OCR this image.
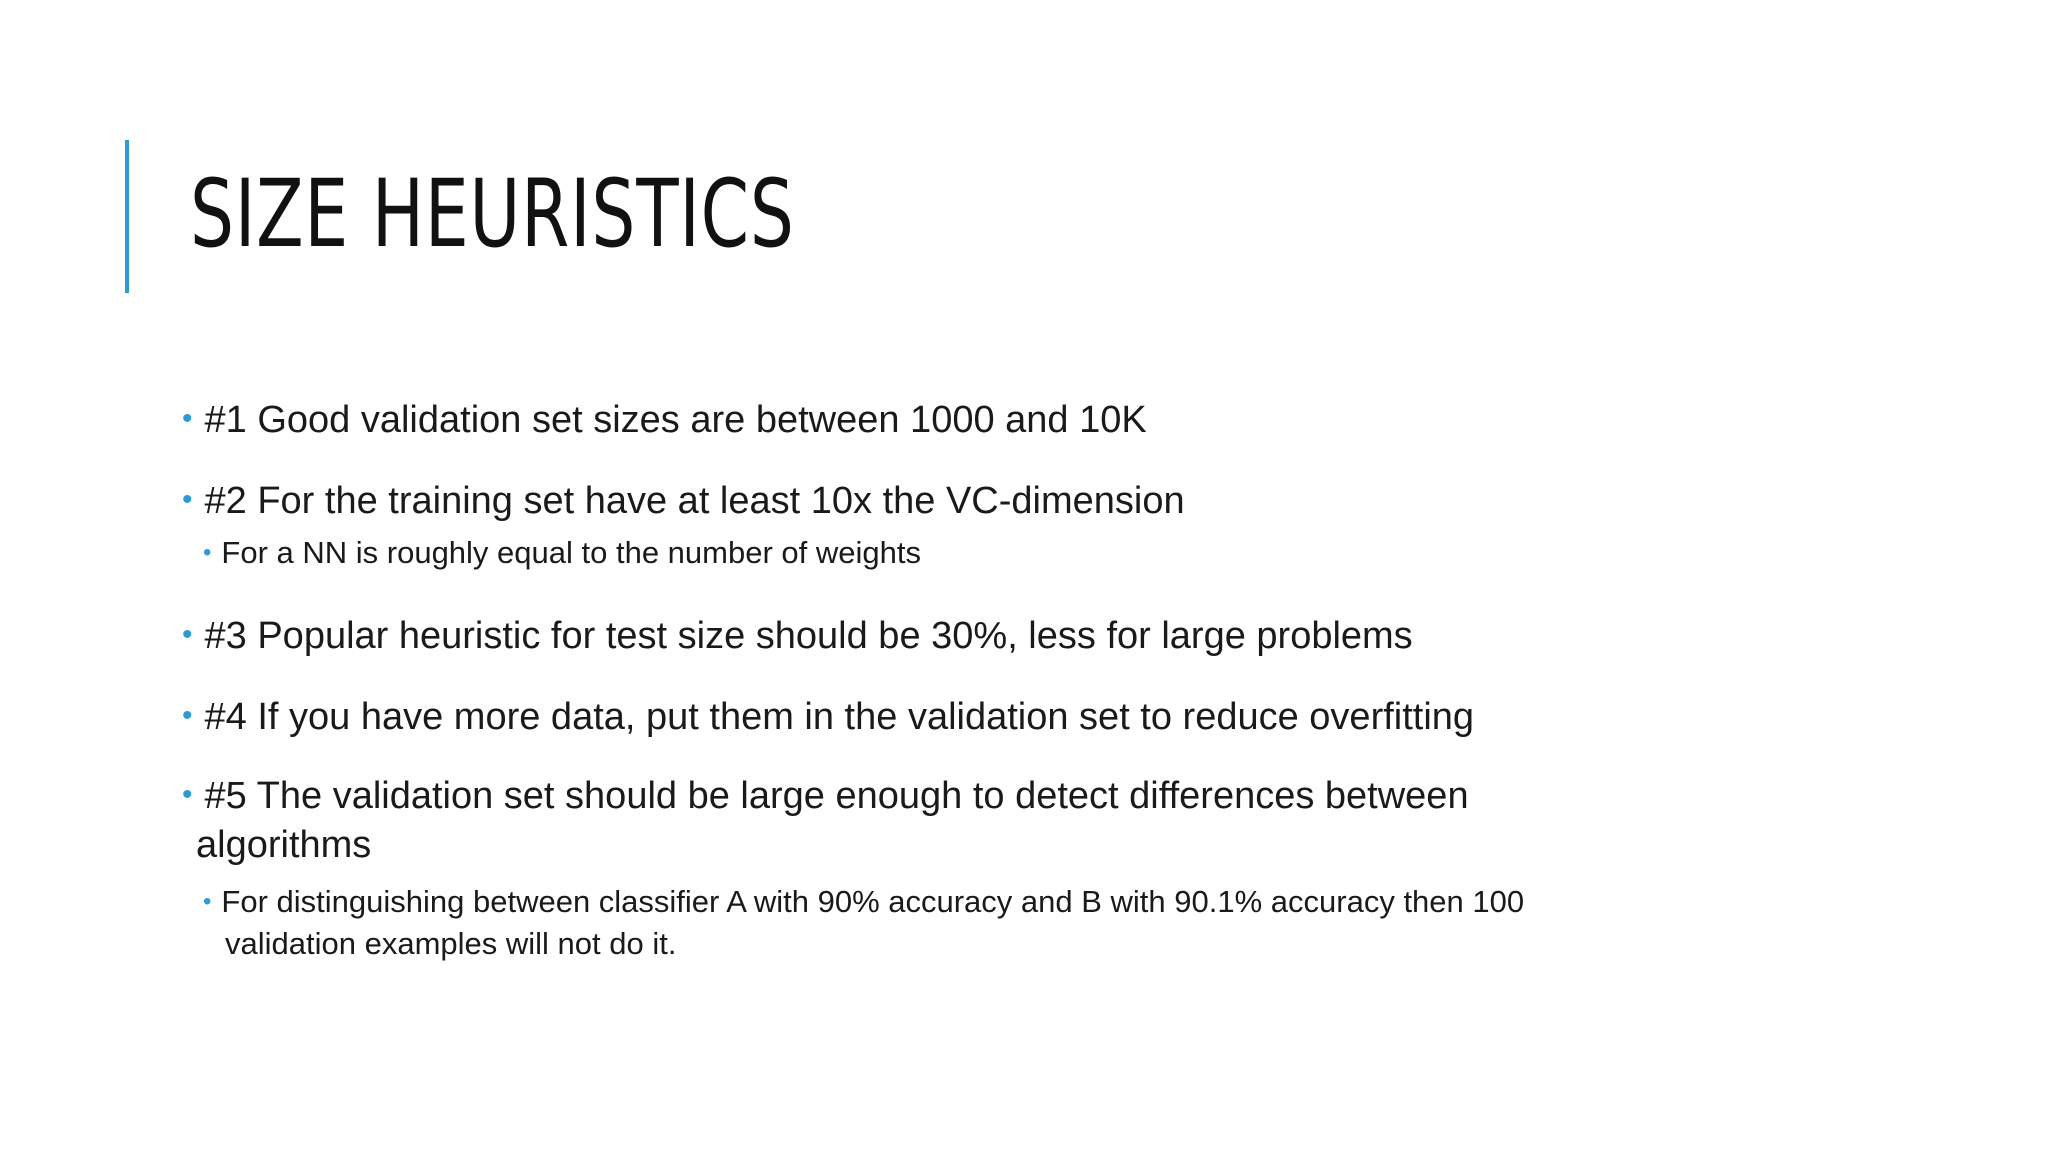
SIZE HEURISTICS
• #1 Good validation set sizes are between 1000 and 10K
• #2 For the training set have at least 10x the VC-dimension
• For a NN is roughly equal to the number of weights
• #3 Popular heuristic for test size should be 30%, less for large problems
• #4 If you have more data, put them in the validation set to reduce overfitting
• #5 The validation set should be large enough to detect differences between
algorithms
• For distinguishing between classifier A with 90% accuracy and B with 90.1% accuracy then 100
validation examples will not do it.
